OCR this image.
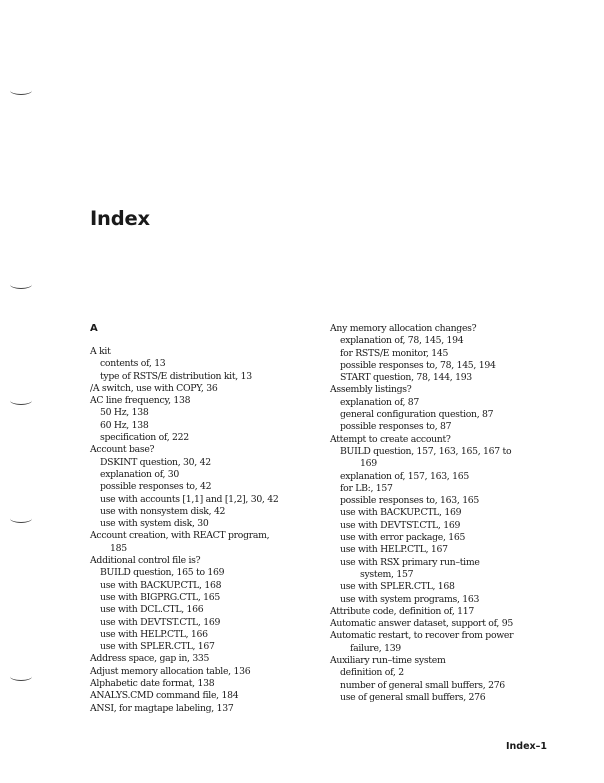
Index
A
A kit
contents of, 13
type of RSTS/E distribution kit, 13
/A switch, use with COPY, 36
AC line frequency, 138
50 Hz, 138
60 Hz, 138
specification of, 222
Account base?
DSKINT question, 30, 42
explanation of, 30
possible responses to, 42
use with accounts [1,1] and [1,2], 30, 42
use with nonsystem disk, 42
use with system disk, 30
Account creation, with REACT program,
185
Additional control file is?
BUILD question, 165 to 169
use with BACKUP.CTL, 168
use with BIGPRG.CTL, 165
use with DCL.CTL, 166
use with DEVTST.CTL, 169
use with HELP.CTL, 166
use with SPLER.CTL, 167
Address space, gap in, 335
Adjust memory allocation table, 136
Alphabetic date format, 138
ANALYS.CMD command file, 184
ANSI, for magtape labeling, 137
Any memory allocation changes?
explanation of, 78, 145, 194
for RSTS/E monitor, 145
possible responses to, 78, 145, 194
START question, 78, 144, 193
Assembly listings?
explanation of, 87
general configuration question, 87
possible responses to, 87
Attempt to create account?
BUILD question, 157, 163, 165, 167 to
169
explanation of, 157, 163, 165
for LB:, 157
possible responses to, 163, 165
use with BACKUP.CTL, 169
use with DEVTST.CTL, 169
use with error package, 165
use with HELP.CTL, 167
use with RSX primary run–time
system, 157
use with SPLER.CTL, 168
use with system programs, 163
Attribute code, definition of, 117
Automatic answer dataset, support of, 95
Automatic restart, to recover from power
failure, 139
Auxiliary run–time system
definition of, 2
number of general small buffers, 276
use of general small buffers, 276
Index–1
